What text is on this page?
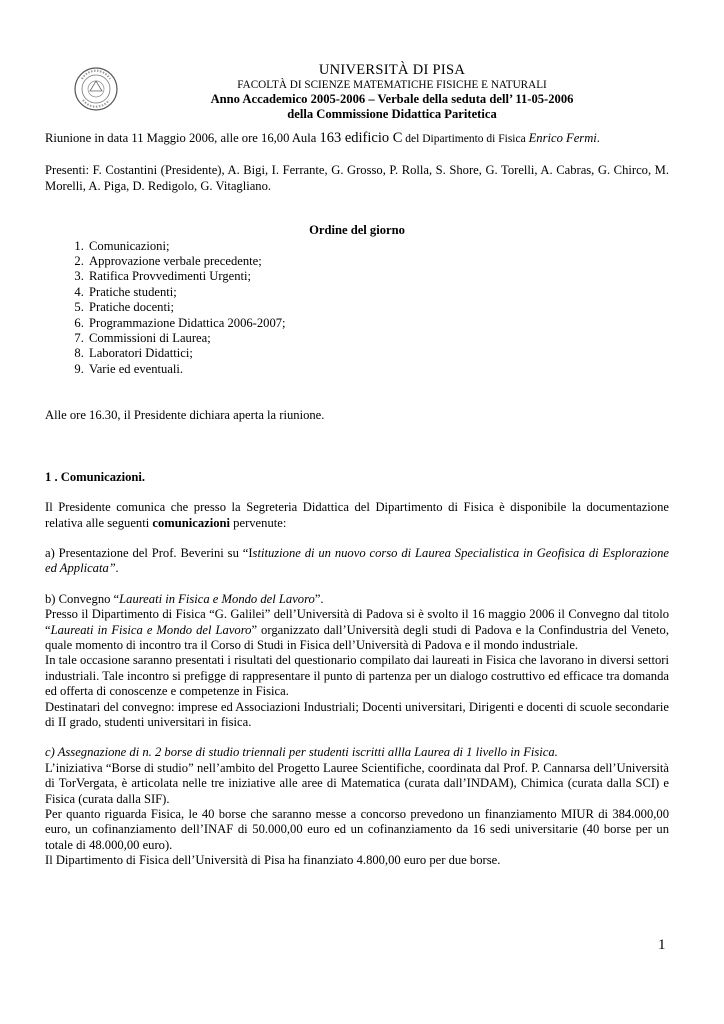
UNIVERSITÀ DI PISA
FACOLTÀ DI SCIENZE MATEMATICHE FISICHE E NATURALI
Anno Accademico 2005-2006 – Verbale della seduta dell’ 11-05-2006
della Commissione Didattica Paritetica

Riunione in data 11 Maggio 2006, alle ore 16,00 Aula 163 edificio C del Dipartimento di Fisica Enrico Fermi.

Presenti: F. Costantini (Presidente), A. Bigi, I. Ferrante, G. Grosso, P. Rolla, S. Shore, G. Torelli, A. Cabras, G. Chirco, M. Morelli, A. Piga, D. Redigolo, G. Vitagliano.

Ordine del giorno
1. Comunicazioni;
2. Approvazione verbale precedente;
3. Ratifica Provvedimenti Urgenti;
4. Pratiche studenti;
5. Pratiche docenti;
6. Programmazione Didattica 2006-2007;
7. Commissioni di Laurea;
8. Laboratori Didattici;
9. Varie ed eventuali.

Alle ore 16.30, il Presidente dichiara aperta la riunione.

1 . Comunicazioni.

Il Presidente comunica che presso la Segreteria Didattica del Dipartimento di Fisica è disponibile la documentazione relativa alle seguenti comunicazioni pervenute:

a) Presentazione del Prof. Beverini su “Istituzione di un nuovo corso di Laurea Specialistica in Geofisica di Esplorazione ed Applicata”.

b) Convegno “Laureati in Fisica e Mondo del Lavoro”.

Presso il Dipartimento di Fisica “G. Galilei” dell’Università di Padova si è svolto il 16 maggio 2006 il Convegno dal titolo “Laureati in Fisica e Mondo del Lavoro” organizzato dall’Università degli studi di Padova e la Confindustria del Veneto, quale momento di incontro tra il Corso di Studi in Fisica dell’Università di Padova e il mondo industriale.

In tale occasione saranno presentati i risultati del questionario compilato dai laureati in Fisica che lavorano in diversi settori industriali. Tale incontro si prefigge di rappresentare il punto di partenza per un dialogo costruttivo ed efficace tra domanda ed offerta di conoscenze e competenze in Fisica.

Destinatari del convegno: imprese ed Associazioni Industriali; Docenti universitari, Dirigenti e docenti di scuole secondarie di II grado, studenti universitari in fisica.

c) Assegnazione di n. 2 borse di studio triennali per studenti iscritti allla Laurea di 1 livello in Fisica.

L’iniziativa “Borse di studio” nell’ambito del Progetto Lauree Scientifiche, coordinata dal Prof. P. Cannarsa dell’Università di TorVergata, è articolata nelle tre iniziative alle aree di Matematica (curata dall’INDAM), Chimica (curata dalla SCI) e Fisica (curata dalla SIF).

Per quanto riguarda Fisica, le 40 borse che saranno messe a concorso prevedono un finanziamento MIUR di 384.000,00 euro, un cofinanziamento dell’INAF di 50.000,00 euro ed un cofinanziamento da 16 sedi universitarie (40 borse per un totale di 48.000,00 euro).

Il Dipartimento di Fisica dell’Università di Pisa ha finanziato 4.800,00 euro per due borse.

1
